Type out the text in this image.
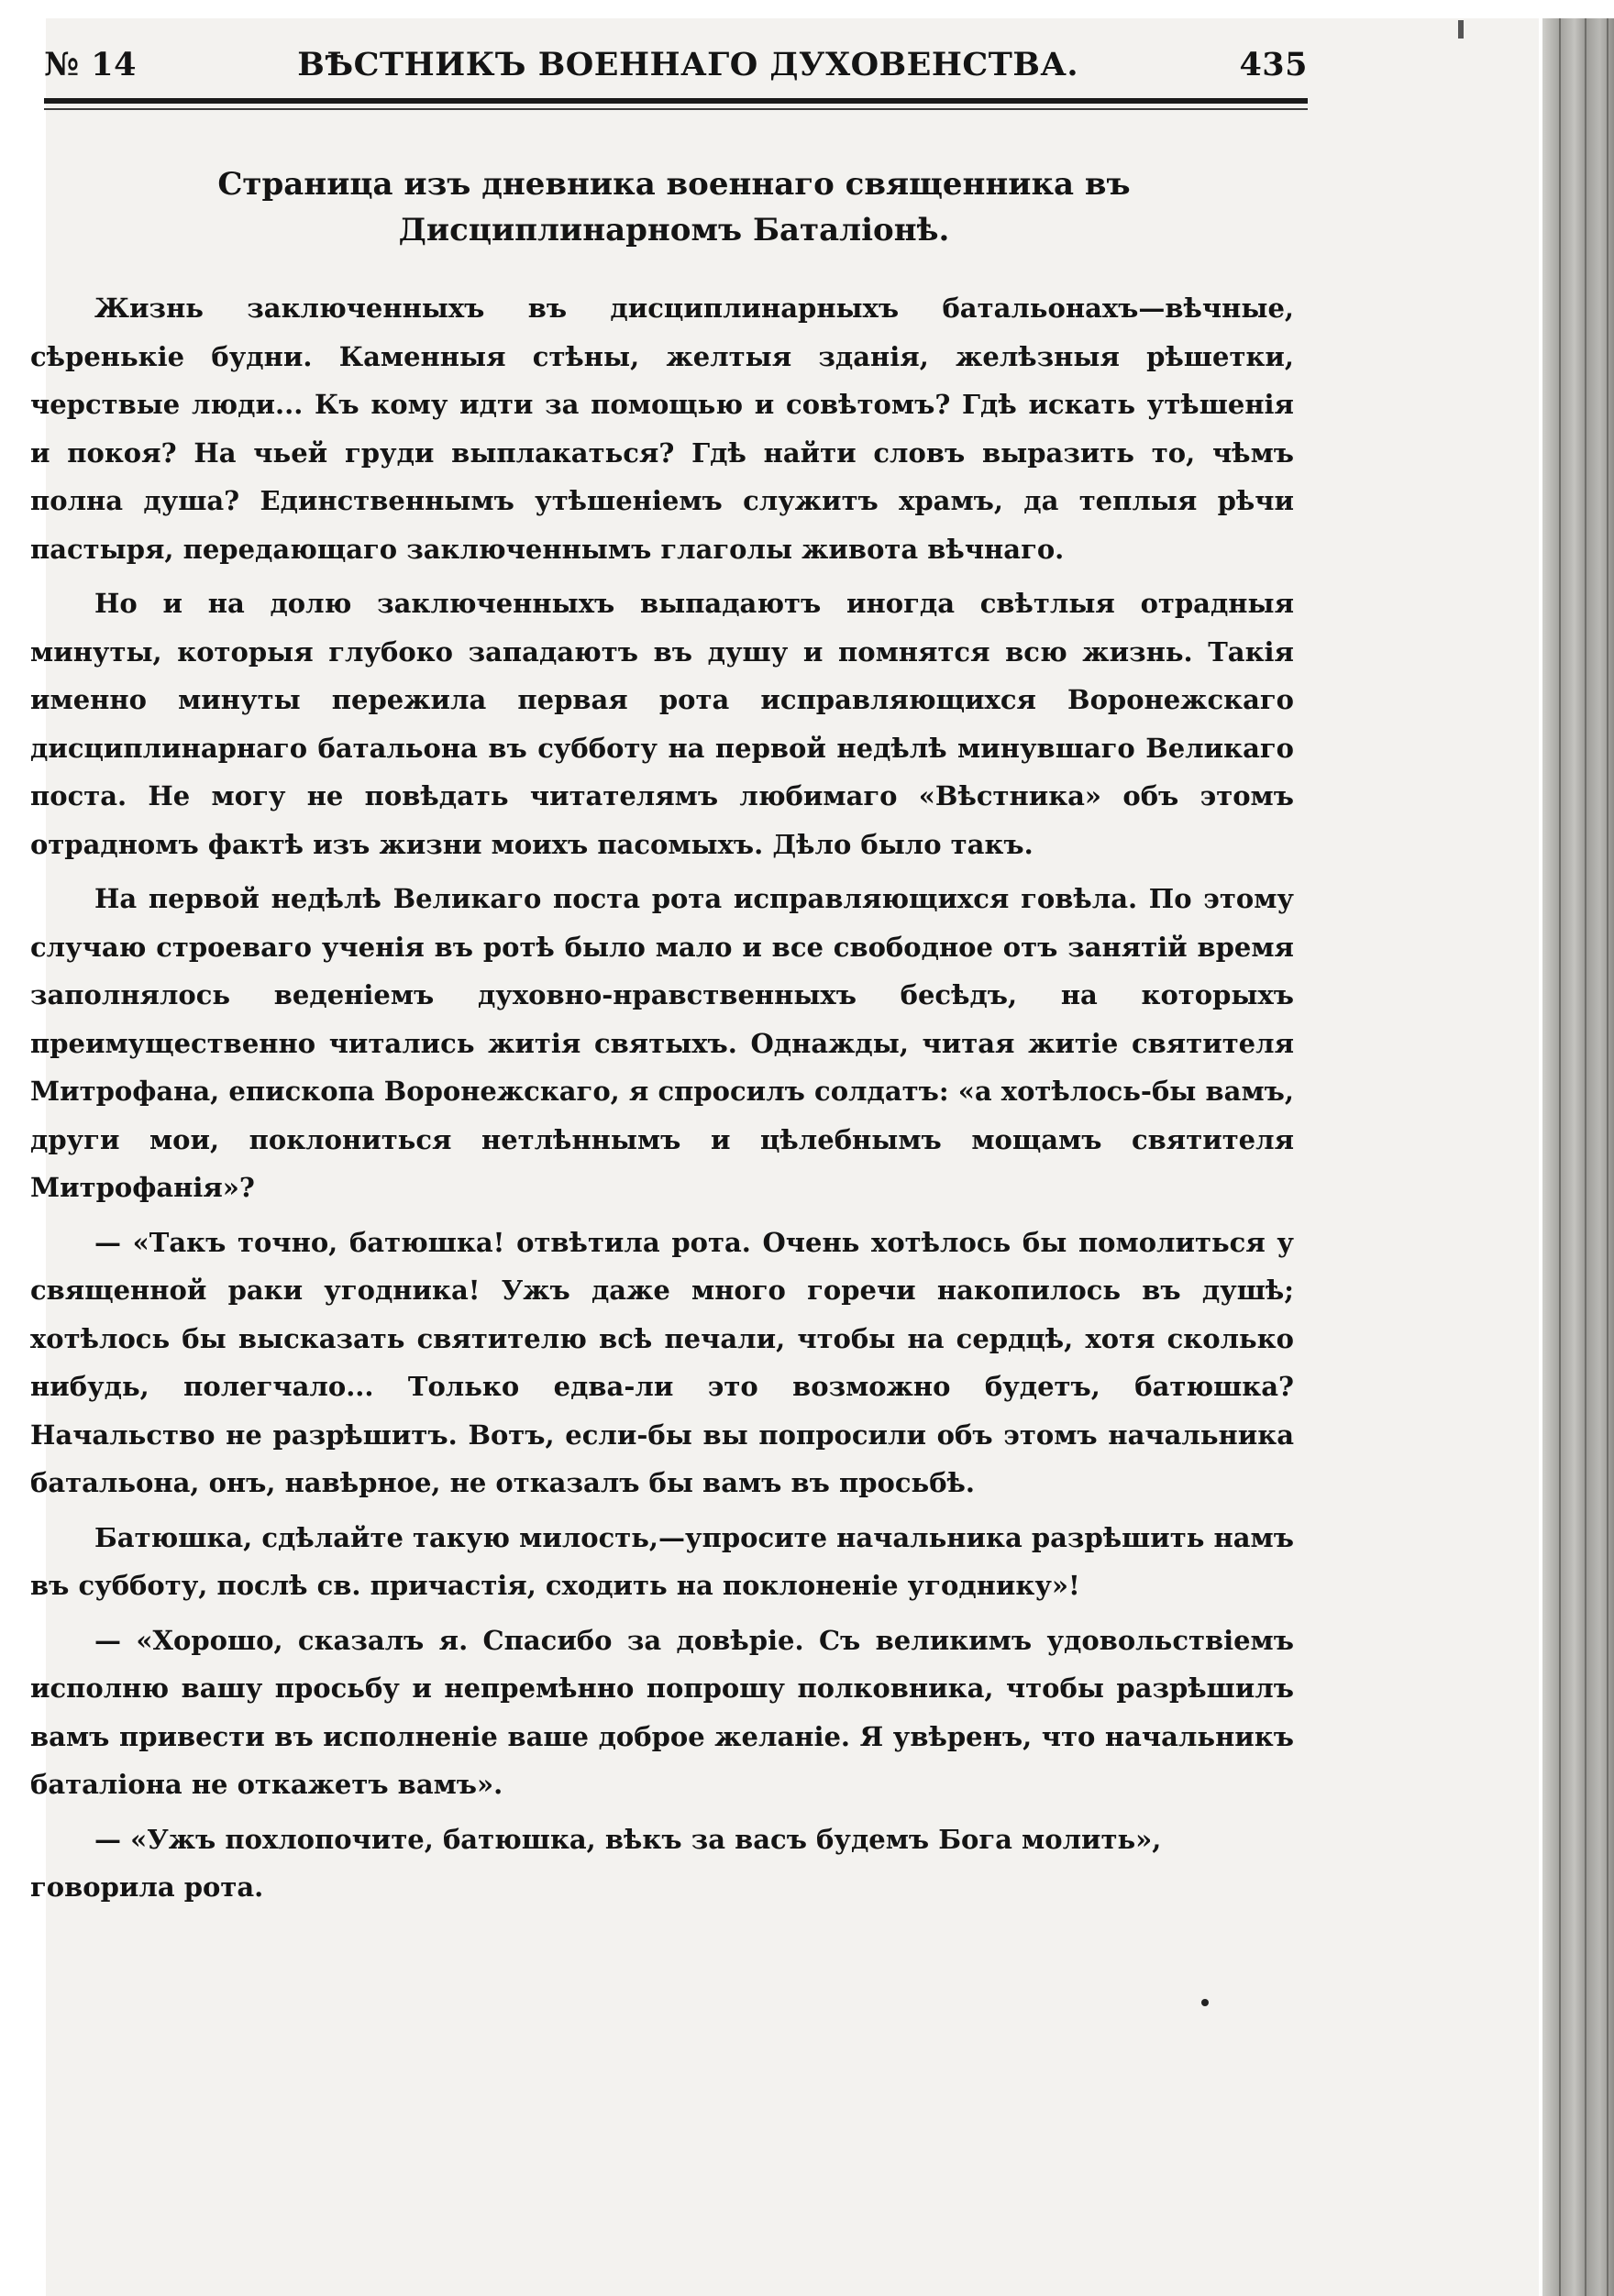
№ 14	ВѢСТНИКЪ ВОЕННАГО ДУХОВЕНСТВА.	435
Страница изъ дневника военнаго священника въ Дисциплинарномъ Баталіонѣ.

Жизнь заключенныхъ въ дисциплинарныхъ батальонахъ—вѣчные, сѣренькіе будни. Каменныя стѣны, желтыя зданія, желѣзныя рѣшетки, черствые люди... Къ кому идти за помощью и совѣтомъ? Гдѣ искать утѣшенія и покоя? На чьей груди выплакаться? Гдѣ найти словъ выразить то, чѣмъ полна душа? Единственнымъ утѣшеніемъ служитъ храмъ, да теплыя рѣчи пастыря, передающаго заключеннымъ глаголы живота вѣчнаго.

Но и на долю заключенныхъ выпадаютъ иногда свѣтлыя отрадныя минуты, которыя глубоко западаютъ въ душу и помнятся всю жизнь. Такія именно минуты пережила первая рота исправляющихся Воронежскаго дисциплинарнаго батальона въ субботу на первой недѣлѣ минувшаго Великаго поста. Не могу не повѣдать читателямъ любимаго «Вѣстника» объ этомъ отрадномъ фактѣ изъ жизни моихъ пасомыхъ. Дѣло было такъ.

На первой недѣлѣ Великаго поста рота исправляющихся говѣла. По этому случаю строеваго ученія въ ротѣ было мало и все свободное отъ занятій время заполнялось веденіемъ духовно-нравственныхъ бесѣдъ, на которыхъ преимущественно читались житія святыхъ. Однажды, читая житіе святителя Митрофана, епископа Воронежскаго, я спросилъ солдатъ: «а хотѣлось-бы вамъ, други мои, поклониться нетлѣннымъ и цѣлебнымъ мощамъ святителя Митрофанія»?

— «Такъ точно, батюшка! отвѣтила рота. Очень хотѣлось бы помолиться у священной раки угодника! Ужъ даже много горечи накопилось въ душѣ; хотѣлось бы высказать святителю всѣ печали, чтобы на сердцѣ, хотя сколько нибудь, полегчало... Только едва-ли это возможно будетъ, батюшка? Начальство не разрѣшитъ. Вотъ, если-бы вы попросили объ этомъ начальника батальона, онъ, навѣрное, не отказалъ бы вамъ въ просьбѣ.

Батюшка, сдѣлайте такую милость,—упросите начальника разрѣшить намъ въ субботу, послѣ св. причастія, сходить на поклоненіе угоднику»!

— «Хорошо, сказалъ я. Спасибо за довѣріе. Съ великимъ удовольствіемъ исполню вашу просьбу и непремѣнно попрошу полковника, чтобы разрѣшилъ вамъ привести въ исполненіе ваше доброе желаніе. Я увѣренъ, что начальникъ баталіона не откажетъ вамъ».

— «Ужъ похлопочите, батюшка, вѣкъ за васъ будемъ Бога молить», говорила рота.
